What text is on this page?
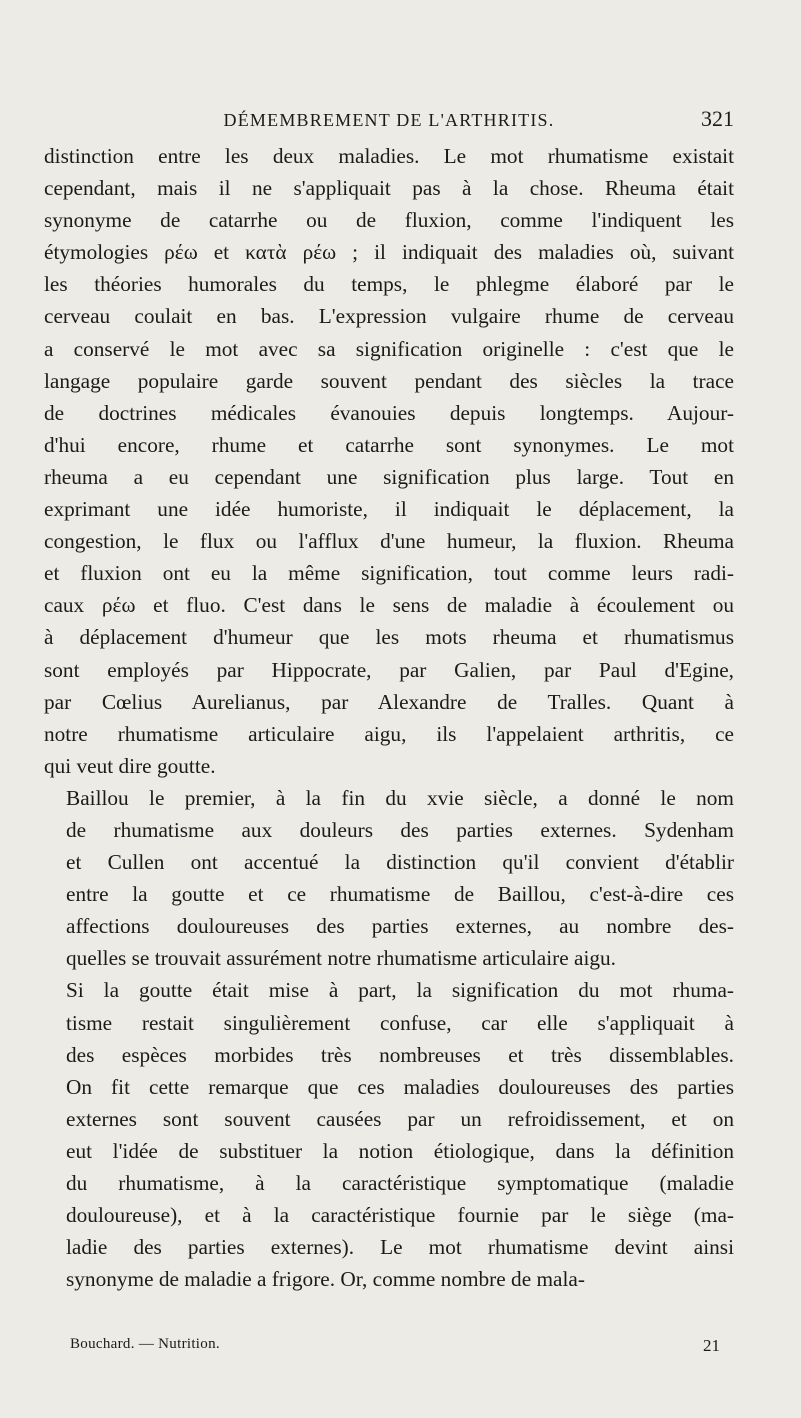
DÉMEMBREMENT DE L'ARTHRITIS.	321

distinction entre les deux maladies. Le mot rhumatisme existait
cependant, mais il ne s'appliquait pas à la chose. Rheuma était
synonyme de catarrhe ou de fluxion, comme l'indiquent les
étymologies ρέω et κατὰ ρέω ; il indiquait des maladies où, suivant
les théories humorales du temps, le phlegme élaboré par le
cerveau coulait en bas. L'expression vulgaire rhume de cerveau
a conservé le mot avec sa signification originelle : c'est que le
langage populaire garde souvent pendant des siècles la trace
de doctrines médicales évanouies depuis longtemps. Aujour-
d'hui encore, rhume et catarrhe sont synonymes. Le mot
rheuma a eu cependant une signification plus large. Tout en
exprimant une idée humoriste, il indiquait le déplacement, la
congestion, le flux ou l'afflux d'une humeur, la fluxion. Rheuma
et fluxion ont eu la même signification, tout comme leurs radi-
caux ρέω et fluo. C'est dans le sens de maladie à écoulement ou
à déplacement d'humeur que les mots rheuma et rhumatismus
sont employés par Hippocrate, par Galien, par Paul d'Egine,
par Cœlius Aurelianus, par Alexandre de Tralles. Quant à
notre rhumatisme articulaire aigu, ils l'appelaient arthritis, ce
qui veut dire goutte.

Baillou le premier, à la fin du xvie siècle, a donné le nom
de rhumatisme aux douleurs des parties externes. Sydenham
et Cullen ont accentué la distinction qu'il convient d'établir
entre la goutte et ce rhumatisme de Baillou, c'est-à-dire ces
affections douloureuses des parties externes, au nombre des-
quelles se trouvait assurément notre rhumatisme articulaire aigu.

Si la goutte était mise à part, la signification du mot rhuma-
tisme restait singulièrement confuse, car elle s'appliquait à
des espèces morbides très nombreuses et très dissemblables.
On fit cette remarque que ces maladies douloureuses des parties
externes sont souvent causées par un refroidissement, et on
eut l'idée de substituer la notion étiologique, dans la définition
du rhumatisme, à la caractéristique symptomatique (maladie
douloureuse), et à la caractéristique fournie par le siège (ma-
ladie des parties externes). Le mot rhumatisme devint ainsi
synonyme de maladie a frigore. Or, comme nombre de mala-

Bouchard. — Nutrition.	21
